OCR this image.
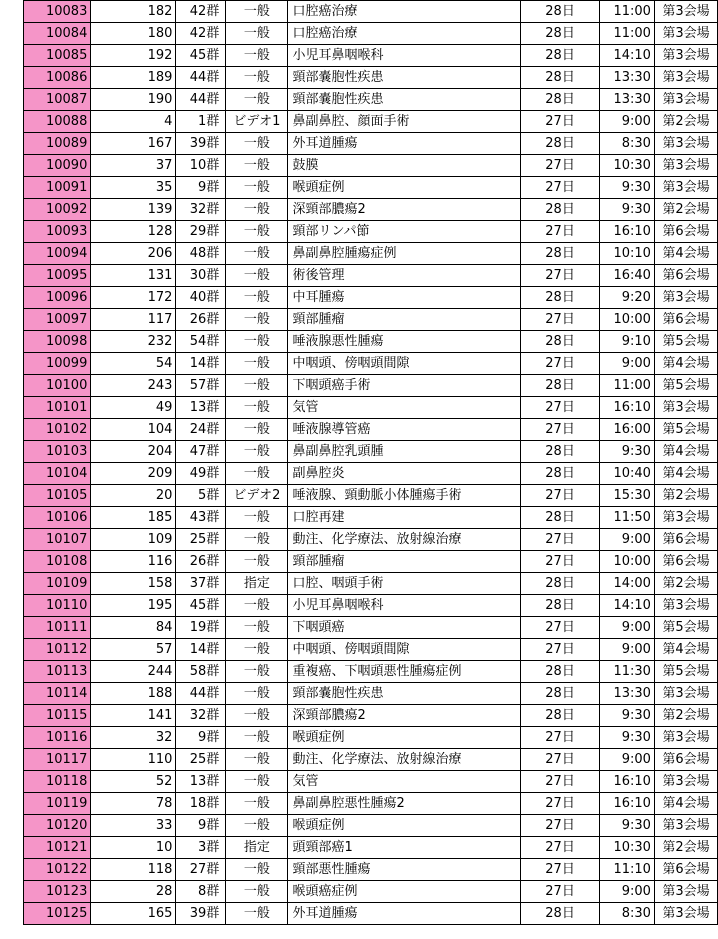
10083	182	42群	一般	口腔癌治療	28日	11:00	第3会場
10084	180	42群	一般	口腔癌治療	28日	11:00	第3会場
10085	192	45群	一般	小児耳鼻咽喉科	28日	14:10	第3会場
10086	189	44群	一般	頸部嚢胞性疾患	28日	13:30	第3会場
10087	190	44群	一般	頸部嚢胞性疾患	28日	13:30	第3会場
10088	4	1群	ビデオ1	鼻副鼻腔、顔面手術	27日	9:00	第2会場
10089	167	39群	一般	外耳道腫瘍	28日	8:30	第3会場
10090	37	10群	一般	鼓膜	27日	10:30	第3会場
10091	35	9群	一般	喉頭症例	27日	9:30	第3会場
10092	139	32群	一般	深頸部膿瘍2	28日	9:30	第2会場
10093	128	29群	一般	頸部リンパ節	27日	16:10	第6会場
10094	206	48群	一般	鼻副鼻腔腫瘍症例	28日	10:10	第4会場
10095	131	30群	一般	術後管理	27日	16:40	第6会場
10096	172	40群	一般	中耳腫瘍	28日	9:20	第3会場
10097	117	26群	一般	頸部腫瘤	27日	10:00	第6会場
10098	232	54群	一般	唾液腺悪性腫瘍	28日	9:10	第5会場
10099	54	14群	一般	中咽頭、傍咽頭間隙	27日	9:00	第4会場
10100	243	57群	一般	下咽頭癌手術	28日	11:00	第5会場
10101	49	13群	一般	気管	27日	16:10	第3会場
10102	104	24群	一般	唾液腺導管癌	27日	16:00	第5会場
10103	204	47群	一般	鼻副鼻腔乳頭腫	28日	9:30	第4会場
10104	209	49群	一般	副鼻腔炎	28日	10:40	第4会場
10105	20	5群	ビデオ2	唾液腺、頸動脈小体腫瘍手術	27日	15:30	第2会場
10106	185	43群	一般	口腔再建	28日	11:50	第3会場
10107	109	25群	一般	動注、化学療法、放射線治療	27日	9:00	第6会場
10108	116	26群	一般	頸部腫瘤	27日	10:00	第6会場
10109	158	37群	指定	口腔、咽頭手術	28日	14:00	第2会場
10110	195	45群	一般	小児耳鼻咽喉科	28日	14:10	第3会場
10111	84	19群	一般	下咽頭癌	27日	9:00	第5会場
10112	57	14群	一般	中咽頭、傍咽頭間隙	27日	9:00	第4会場
10113	244	58群	一般	重複癌、下咽頭悪性腫瘍症例	28日	11:30	第5会場
10114	188	44群	一般	頸部嚢胞性疾患	28日	13:30	第3会場
10115	141	32群	一般	深頸部膿瘍2	28日	9:30	第2会場
10116	32	9群	一般	喉頭症例	27日	9:30	第3会場
10117	110	25群	一般	動注、化学療法、放射線治療	27日	9:00	第6会場
10118	52	13群	一般	気管	27日	16:10	第3会場
10119	78	18群	一般	鼻副鼻腔悪性腫瘍2	27日	16:10	第4会場
10120	33	9群	一般	喉頭症例	27日	9:30	第3会場
10121	10	3群	指定	頭頸部癌1	27日	10:30	第2会場
10122	118	27群	一般	頸部悪性腫瘍	27日	11:10	第6会場
10123	28	8群	一般	喉頭癌症例	27日	9:00	第3会場
10125	165	39群	一般	外耳道腫瘍	28日	8:30	第3会場
